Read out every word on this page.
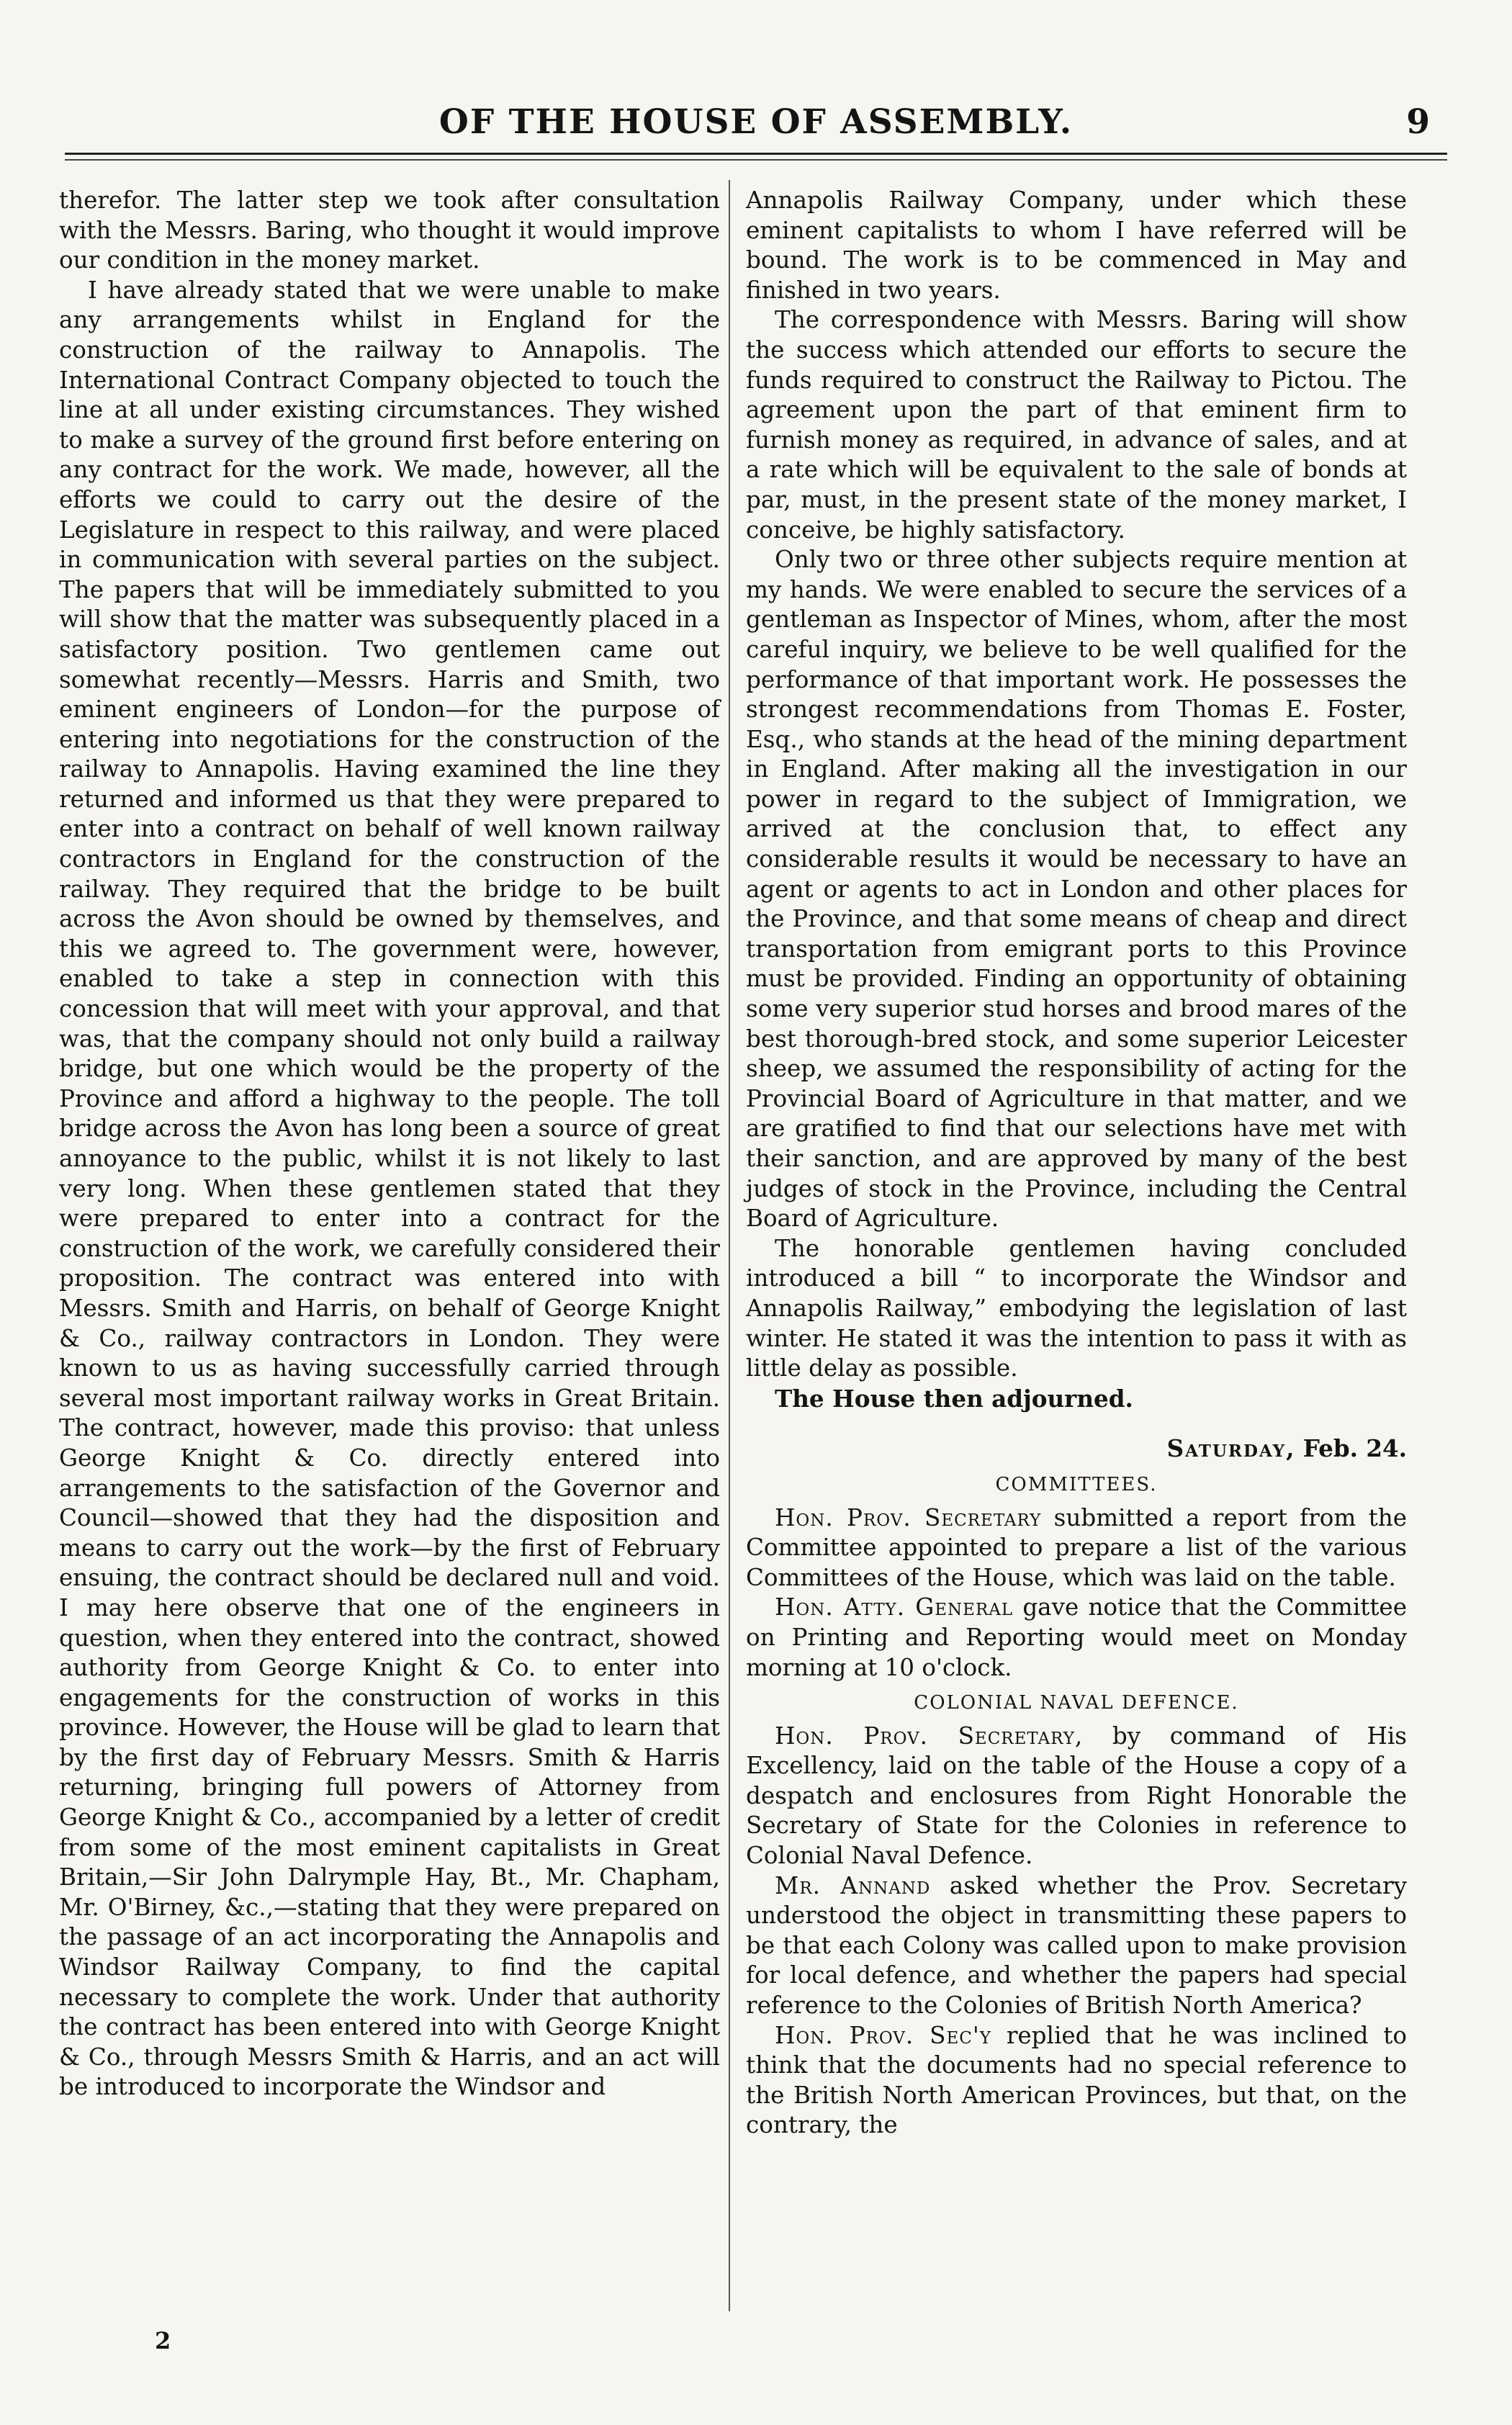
OF THE HOUSE OF ASSEMBLY.	9

therefor. The latter step we took after consultation with the Messrs. Baring, who thought it would improve our condition in the money market.

I have already stated that we were unable to make any arrangements whilst in England for the construction of the railway to Annapolis. The International Contract Company objected to touch the line at all under existing circumstances. They wished to make a survey of the ground first before entering on any contract for the work. We made, however, all the efforts we could to carry out the desire of the Legislature in respect to this railway, and were placed in communication with several parties on the subject. The papers that will be immediately submitted to you will show that the matter was subsequently placed in a satisfactory position. Two gentlemen came out somewhat recently—Messrs. Harris and Smith, two eminent engineers of London—for the purpose of entering into negotiations for the construction of the railway to Annapolis. Having examined the line they returned and informed us that they were prepared to enter into a contract on behalf of well known railway contractors in England for the construction of the railway. They required that the bridge to be built across the Avon should be owned by themselves, and this we agreed to. The government were, however, enabled to take a step in connection with this concession that will meet with your approval, and that was, that the company should not only build a railway bridge, but one which would be the property of the Province and afford a highway to the people. The toll bridge across the Avon has long been a source of great annoyance to the public, whilst it is not likely to last very long. When these gentlemen stated that they were prepared to enter into a contract for the construction of the work, we carefully considered their proposition. The contract was entered into with Messrs. Smith and Harris, on behalf of George Knight & Co., railway contractors in London. They were known to us as having successfully carried through several most important railway works in Great Britain. The contract, however, made this proviso: that unless George Knight & Co. directly entered into arrangements to the satisfaction of the Governor and Council—showed that they had the disposition and means to carry out the work—by the first of February ensuing, the contract should be declared null and void. I may here observe that one of the engineers in question, when they entered into the contract, showed authority from George Knight & Co. to enter into engagements for the construction of works in this province. However, the House will be glad to learn that by the first day of February Messrs. Smith & Harris returning, bringing full powers of Attorney from George Knight & Co., accompanied by a letter of credit from some of the most eminent capitalists in Great Britain,—Sir John Dalrymple Hay, Bt., Mr. Chapham, Mr. O'Birney, &c.,—stating that they were prepared on the passage of an act incorporating the Annapolis and Windsor Railway Company, to find the capital necessary to complete the work. Under that authority the contract has been entered into with George Knight & Co., through Messrs Smith & Harris, and an act will be introduced to incorporate the Windsor and

Annapolis Railway Company, under which these eminent capitalists to whom I have referred will be bound. The work is to be commenced in May and finished in two years.

The correspondence with Messrs. Baring will show the success which attended our efforts to secure the funds required to construct the Railway to Pictou. The agreement upon the part of that eminent firm to furnish money as required, in advance of sales, and at a rate which will be equivalent to the sale of bonds at par, must, in the present state of the money market, I conceive, be highly satisfactory.

Only two or three other subjects require mention at my hands. We were enabled to secure the services of a gentleman as Inspector of Mines, whom, after the most careful inquiry, we believe to be well qualified for the performance of that important work. He possesses the strongest recommendations from Thomas E. Foster, Esq., who stands at the head of the mining department in England. After making all the investigation in our power in regard to the subject of Immigration, we arrived at the conclusion that, to effect any considerable results it would be necessary to have an agent or agents to act in London and other places for the Province, and that some means of cheap and direct transportation from emigrant ports to this Province must be provided. Finding an opportunity of obtaining some very superior stud horses and brood mares of the best thorough-bred stock, and some superior Leicester sheep, we assumed the responsibility of acting for the Provincial Board of Agriculture in that matter, and we are gratified to find that our selections have met with their sanction, and are approved by many of the best judges of stock in the Province, including the Central Board of Agriculture.

The honorable gentlemen having concluded introduced a bill “ to incorporate the Windsor and Annapolis Railway,” embodying the legislation of last winter. He stated it was the intention to pass it with as little delay as possible.

The House then adjourned.

Saturday, Feb. 24.
COMMITTEES.

Hon. Prov. Secretary submitted a report from the Committee appointed to prepare a list of the various Committees of the House, which was laid on the table.

Hon. Atty. General gave notice that the Committee on Printing and Reporting would meet on Monday morning at 10 o'clock.

COLONIAL NAVAL DEFENCE.

Hon. Prov. Secretary, by command of His Excellency, laid on the table of the House a copy of a despatch and enclosures from Right Honorable the Secretary of State for the Colonies in reference to Colonial Naval Defence.

Mr. Annand asked whether the Prov. Secretary understood the object in transmitting these papers to be that each Colony was called upon to make provision for local defence, and whether the papers had special reference to the Colonies of British North America?

Hon. Prov. Sec'y replied that he was inclined to think that the documents had no special reference to the British North American Provinces, but that, on the contrary, the

2
